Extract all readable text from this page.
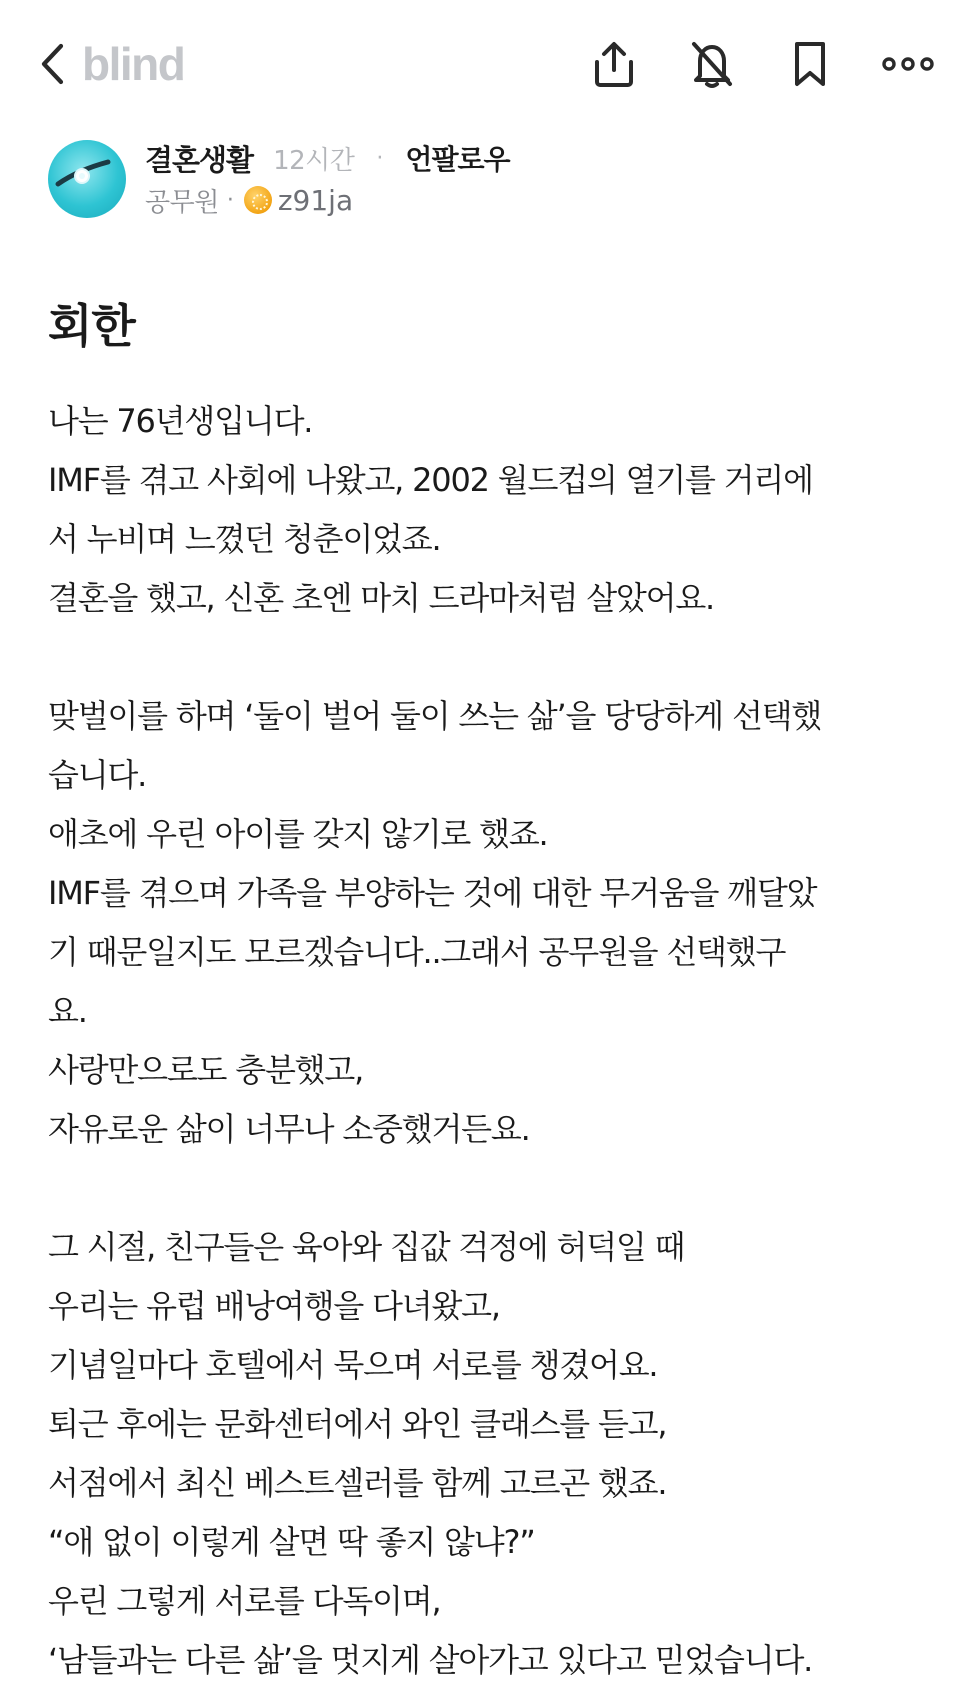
blind
결혼생활 12시간 · 언팔로우
공무원 · z91ja
회한
나는 76년생입니다.
IMF를 겪고 사회에 나왔고, 2002 월드컵의 열기를 거리에
서 누비며 느꼈던 청춘이었죠.
결혼을 했고, 신혼 초엔 마치 드라마처럼 살았어요.
맞벌이를 하며 ‘둘이 벌어 둘이 쓰는 삶’을 당당하게 선택했
습니다.
애초에 우린 아이를 갖지 않기로 했죠.
IMF를 겪으며 가족을 부양하는 것에 대한 무거움을 깨달았
기 때문일지도 모르겠습니다..그래서 공무원을 선택했구
요.
사랑만으로도 충분했고,
자유로운 삶이 너무나 소중했거든요.
그 시절, 친구들은 육아와 집값 걱정에 허덕일 때
우리는 유럽 배낭여행을 다녀왔고,
기념일마다 호텔에서 묵으며 서로를 챙겼어요.
퇴근 후에는 문화센터에서 와인 클래스를 듣고,
서점에서 최신 베스트셀러를 함께 고르곤 했죠.
“애 없이 이렇게 살면 딱 좋지 않냐?”
우린 그렇게 서로를 다독이며,
‘남들과는 다른 삶’을 멋지게 살아가고 있다고 믿었습니다.
